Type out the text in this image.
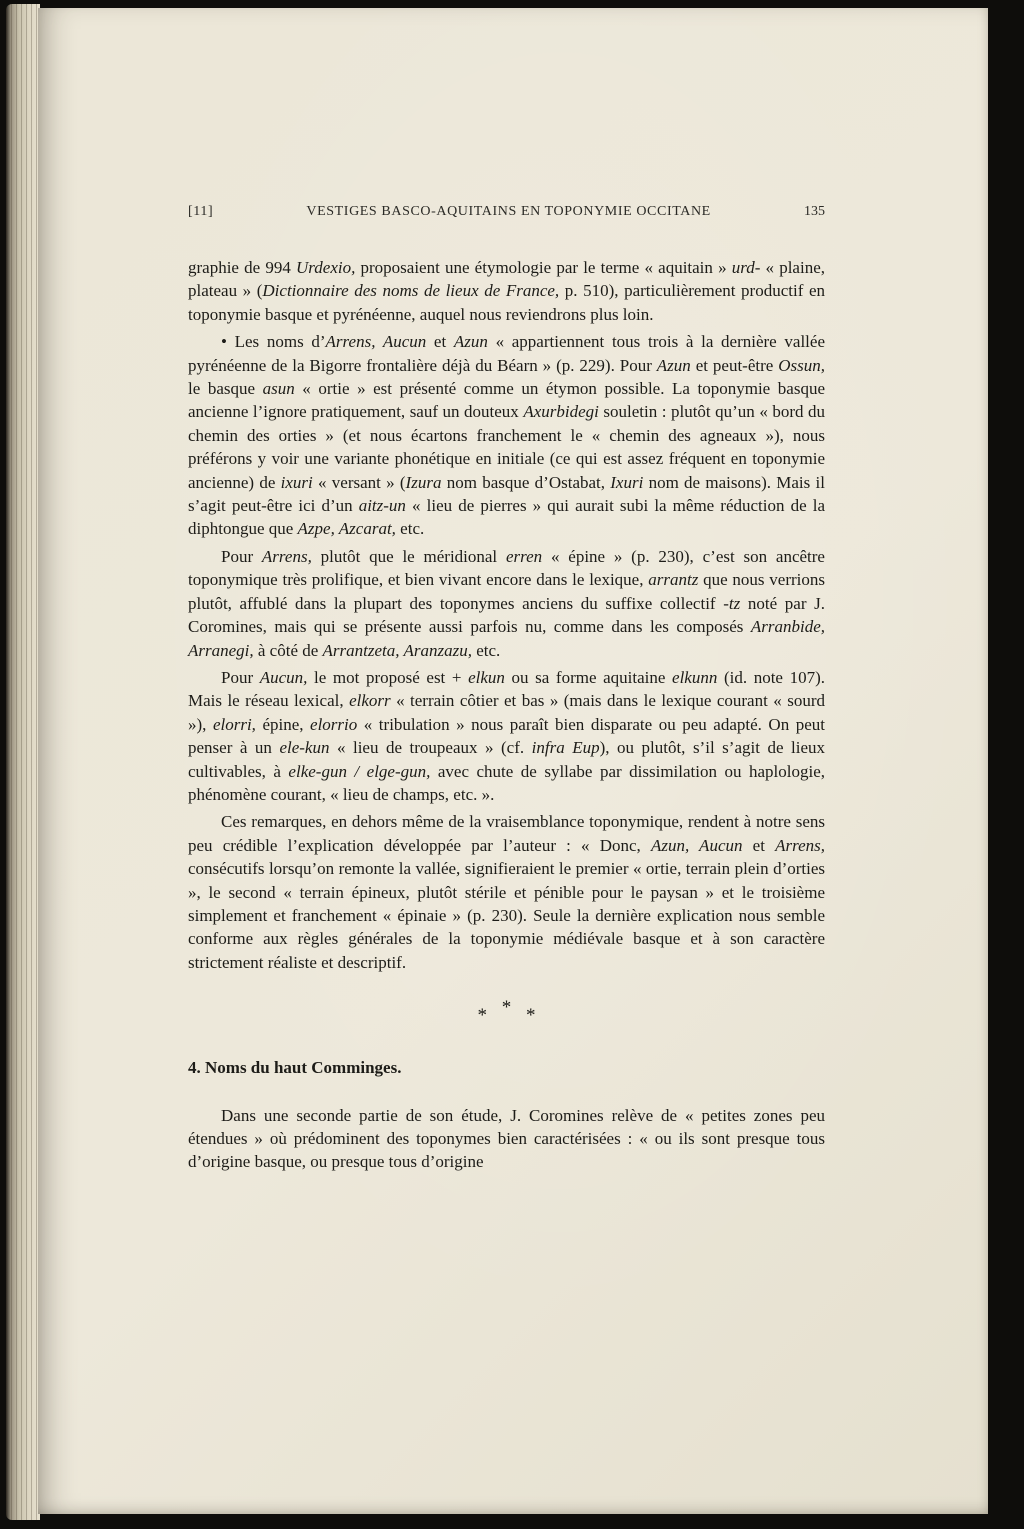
[11]	VESTIGES BASCO-AQUITAINS EN TOPONYMIE OCCITANE	135

graphie de 994 Urdexio, proposaient une étymologie par le terme « aquitain » urd- « plaine, plateau » (Dictionnaire des noms de lieux de France, p. 510), particulièrement productif en toponymie basque et pyrénéenne, auquel nous reviendrons plus loin.

• Les noms d’Arrens, Aucun et Azun « appartiennent tous trois à la dernière vallée pyrénéenne de la Bigorre frontalière déjà du Béarn » (p. 229). Pour Azun et peut-être Ossun, le basque asun « ortie » est présenté comme un étymon possible. La toponymie basque ancienne l’ignore pratiquement, sauf un douteux Axurbidegi souletin : plutôt qu’un « bord du chemin des orties » (et nous écartons franchement le « chemin des agneaux »), nous préférons y voir une variante phonétique en initiale (ce qui est assez fréquent en toponymie ancienne) de ixuri « versant » (Izura nom basque d’Ostabat, Ixuri nom de maisons). Mais il s’agit peut-être ici d’un aitz-un « lieu de pierres » qui aurait subi la même réduction de la diphtongue que Azpe, Azcarat, etc.

Pour Arrens, plutôt que le méridional erren « épine » (p. 230), c’est son ancêtre toponymique très prolifique, et bien vivant encore dans le lexique, arrantz que nous verrions plutôt, affublé dans la plupart des toponymes anciens du suffixe collectif -tz noté par J. Coromines, mais qui se présente aussi parfois nu, comme dans les composés Arranbide, Arranegi, à côté de Arrantzeta, Aranzazu, etc.

Pour Aucun, le mot proposé est + elkun ou sa forme aquitaine elkunn (id. note 107). Mais le réseau lexical, elkorr « terrain côtier et bas » (mais dans le lexique courant « sourd »), elorri, épine, elorrio « tribulation » nous paraît bien disparate ou peu adapté. On peut penser à un ele-kun « lieu de troupeaux » (cf. infra Eup), ou plutôt, s’il s’agit de lieux cultivables, à elke-gun / elge-gun, avec chute de syllabe par dissimilation ou haplologie, phénomène courant, « lieu de champs, etc. ».

Ces remarques, en dehors même de la vraisemblance toponymique, rendent à notre sens peu crédible l’explication développée par l’auteur : « Donc, Azun, Aucun et Arrens, consécutifs lorsqu’on remonte la vallée, signifieraient le premier « ortie, terrain plein d’orties », le second « terrain épineux, plutôt stérile et pénible pour le paysan » et le troisième simplement et franchement « épinaie » (p. 230). Seule la dernière explication nous semble conforme aux règles générales de la toponymie médiévale basque et à son caractère strictement réaliste et descriptif.

* * *
4. Noms du haut Comminges.

Dans une seconde partie de son étude, J. Coromines relève de « petites zones peu étendues » où prédominent des toponymes bien caractérisées : « ou ils sont presque tous d’origine basque, ou presque tous d’origine
